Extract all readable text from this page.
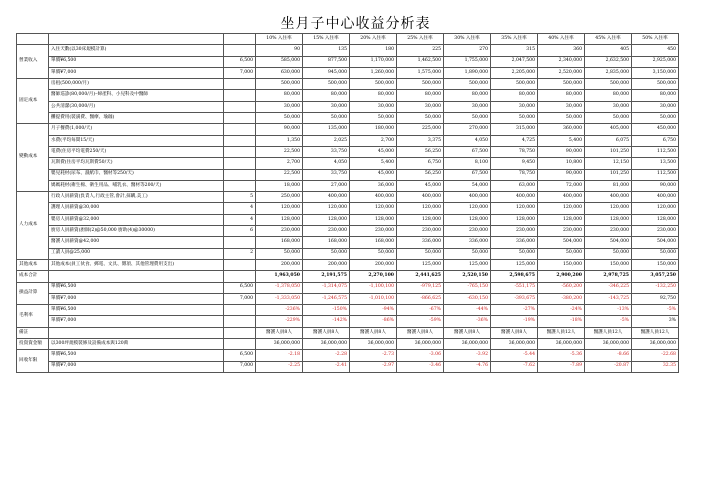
坐月子中心收益分析表
			10% 入住率	15% 入住率	20% 入住率	25% 入住率	30% 入住率	35% 入住率	40% 入住率	45% 入住率	50% 入住率
營業收入	入住天數(以30床規模計算)		90	135	180	225	270	315	360	405	450
	單價¥6,500	6,500	585,000	877,500	1,170,000	1,462,500	1,755,000	2,047,500	2,340,000	2,632,500	2,925,000
	單價¥7,000	7,000	630,000	945,000	1,260,000	1,575,000	1,890,000	2,205,000	2,520,000	2,835,000	3,150,000
固定成本	房租(500,000/月)		500,000	500,000	500,000	500,000	500,000	500,000	500,000	500,000	500,000
	醫師巡診(80,000/月)–婦產科、小兒科及中醫師		80,000	80,000	80,000	80,000	80,000	80,000	80,000	80,000	80,000
	公共清潔(30,000/月)		30,000	30,000	30,000	30,000	30,000	30,000	30,000	30,000	30,000
	攤提費用(裝潢費、醫療、瑜珈)		50,000	50,000	50,000	50,000	50,000	50,000	50,000	50,000	50,000
變動成本	月子餐費(1,000/天)		90,000	135,000	180,000	225,000	270,000	315,000	360,000	405,000	450,000
	水費(平均每間15/天)		1,350	2,025	2,700	3,375	4,050	4,725	5,400	6,075	6,750
	電費(住房平均電費250/天)		22,500	33,750	45,000	56,250	67,500	78,750	90,000	101,250	112,500
	瓦斯費(住房平均瓦斯費50/天)		2,700	4,050	5,400	6,750	8,100	9,450	10,800	12,150	13,500
	嬰兒耗材(尿布、濕紙巾、醫材等250/天)		22,500	33,750	45,000	56,250	67,500	78,750	90,000	101,250	112,500
	媽媽耗材(衛生棉、衛生用品、哺乳衣、醫材等200/天)		18,000	27,000	36,000	45,000	54,000	63,000	72,000	81,000	90,000
人力成本	行政人員薪資(負責人,行政主管,會計,採購,美工)	5	250,000	400,000	400,000	400,000	400,000	400,000	400,000	400,000	400,000
	護理人員薪資@30,000	4	120,000	120,000	120,000	120,000	120,000	120,000	120,000	120,000	120,000
	嬰房人員薪資@32,000	4	128,000	128,000	128,000	128,000	128,000	128,000	128,000	128,000	128,000
	廚房人員薪資(廚師(2)@50,000 廚助(4)@30000)	6	230,000	230,000	230,000	230,000	230,000	230,000	230,000	230,000	230,000
	醫護人員薪資@42,000		168,000	168,000	168,000	336,000	336,000	336,000	504,000	504,000	504,000
	工讀人員@25,000	2	50,000	50,000	50,000	50,000	50,000	50,000	50,000	50,000	50,000
其他成本	其他成本(員工伙食、郵電、文具、雜項、其他管理費用支出)		200,000	200,000	200,000	125,000	125,000	125,000	150,000	150,000	150,000
成本合計			1,963,050	2,191,575	2,270,100	2,441,625	2,520,150	2,598,675	2,900,200	2,978,725	3,057,250
損益計算	單價¥6,500	6,500	-1,378,050	-1,314,075	-1,100,100	-979,125	-765,150	-551,175	-560,200	-346,225	-132,250
	單價¥7,000	7,000	-1,333,050	-1,246,575	-1,010,100	-866,625	-630,150	-393,675	-380,200	-143,725	92,750
毛利率	單價¥6,500		-236%	-150%	-94%	-67%	-44%	-27%	-24%	-13%	-5%
	單價¥7,000		-229%	-142%	-86%	-59%	-36%	-19%	-18%	-5%	3%
備註			醫護人員8人	醫護人員8人	醫護人員8人	醫護人員8人	醫護人員8人	醫護人員8人	醫護人員12人	醫護人員12人	醫護人員12人
投資資金額	以300坪規模裝修及設備成本與120萬		36,000,000	36,000,000	36,000,000	36,000,000	36,000,000	36,000,000	36,000,000	36,000,000	36,000,000
回收年限	單價¥6,500	6,500	-2.18	-2.28	-2.73	-3.06	-3.92	-5.44	-5.36	-8.66	-22.68
	單價¥7,000	7,000	-2.25	-2.41	-2.97	-3.46	-4.76	-7.62	-7.89	-20.87	32.35
